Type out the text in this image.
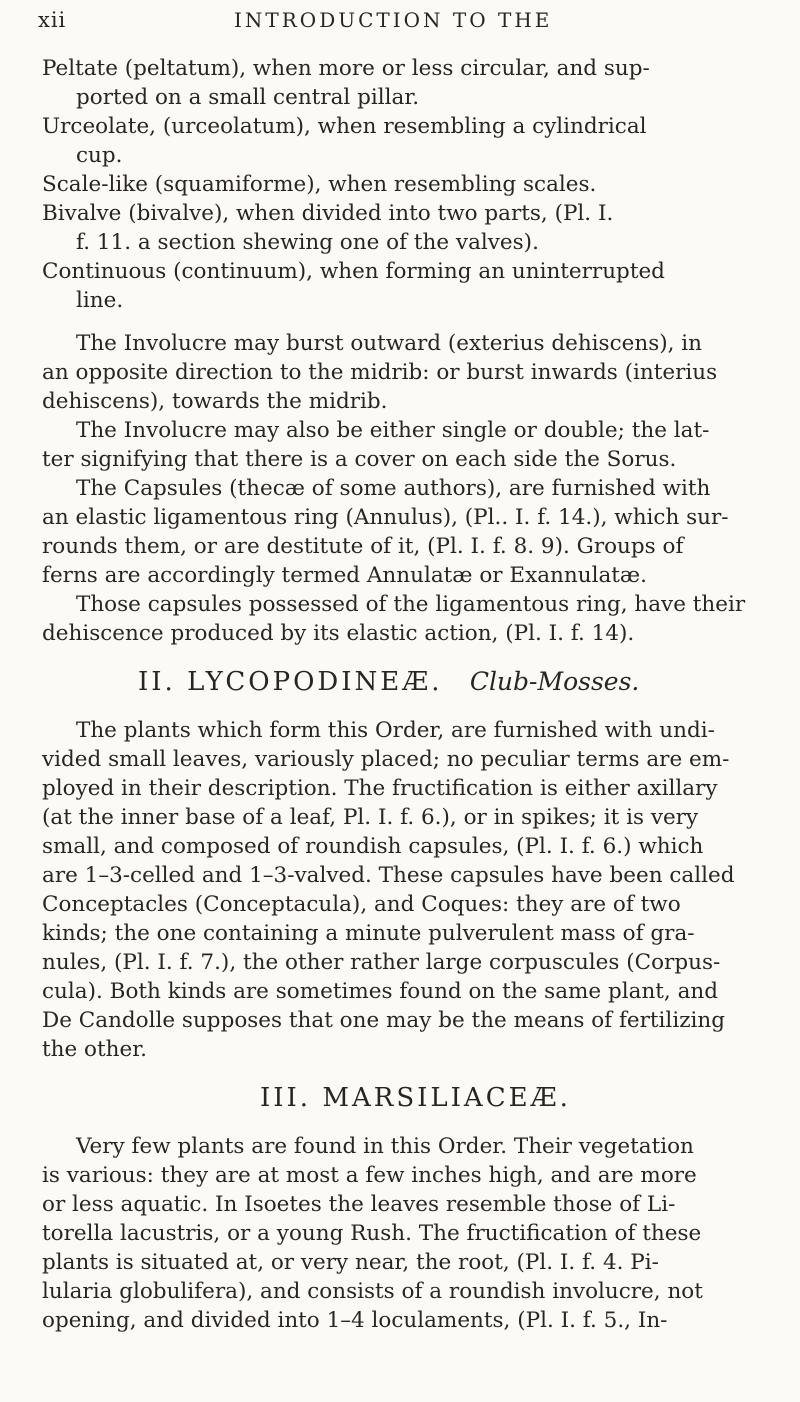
xii	INTRODUCTION TO THE
Peltate (peltatum), when more or less circular, and sup-
ported on a small central pillar.
Urceolate, (urceolatum), when resembling a cylindrical
cup.
Scale-like (squamiforme), when resembling scales.
Bivalve (bivalve), when divided into two parts, (Pl. I.
f. 11. a section shewing one of the valves).
Continuous (continuum), when forming an uninterrupted
line.
The Involucre may burst outward (exterius dehiscens), in
an opposite direction to the midrib: or burst inwards (interius
dehiscens), towards the midrib.
The Involucre may also be either single or double; the lat-
ter signifying that there is a cover on each side the Sorus.
The Capsules (thecæ of some authors), are furnished with
an elastic ligamentous ring (Annulus), (Pl.. I. f. 14.), which sur-
rounds them, or are destitute of it, (Pl. I. f. 8. 9). Groups of
ferns are accordingly termed Annulatæ or Exannulatæ.
Those capsules possessed of the ligamentous ring, have their
dehiscence produced by its elastic action, (Pl. I. f. 14).
II. LYCOPODINEÆ. Club-Mosses.
The plants which form this Order, are furnished with undi-
vided small leaves, variously placed; no peculiar terms are em-
ployed in their description. The fructification is either axillary
(at the inner base of a leaf, Pl. I. f. 6.), or in spikes; it is very
small, and composed of roundish capsules, (Pl. I. f. 6.) which
are 1–3-celled and 1–3-valved. These capsules have been called
Conceptacles (Conceptacula), and Coques: they are of two
kinds; the one containing a minute pulverulent mass of gra-
nules, (Pl. I. f. 7.), the other rather large corpuscules (Corpus-
cula). Both kinds are sometimes found on the same plant, and
De Candolle supposes that one may be the means of fertilizing
the other.
III. MARSILIACEÆ.
Very few plants are found in this Order. Their vegetation
is various: they are at most a few inches high, and are more
or less aquatic. In Isoetes the leaves resemble those of Li-
torella lacustris, or a young Rush. The fructification of these
plants is situated at, or very near, the root, (Pl. I. f. 4. Pi-
lularia globulifera), and consists of a roundish involucre, not
opening, and divided into 1–4 loculaments, (Pl. I. f. 5., In-
